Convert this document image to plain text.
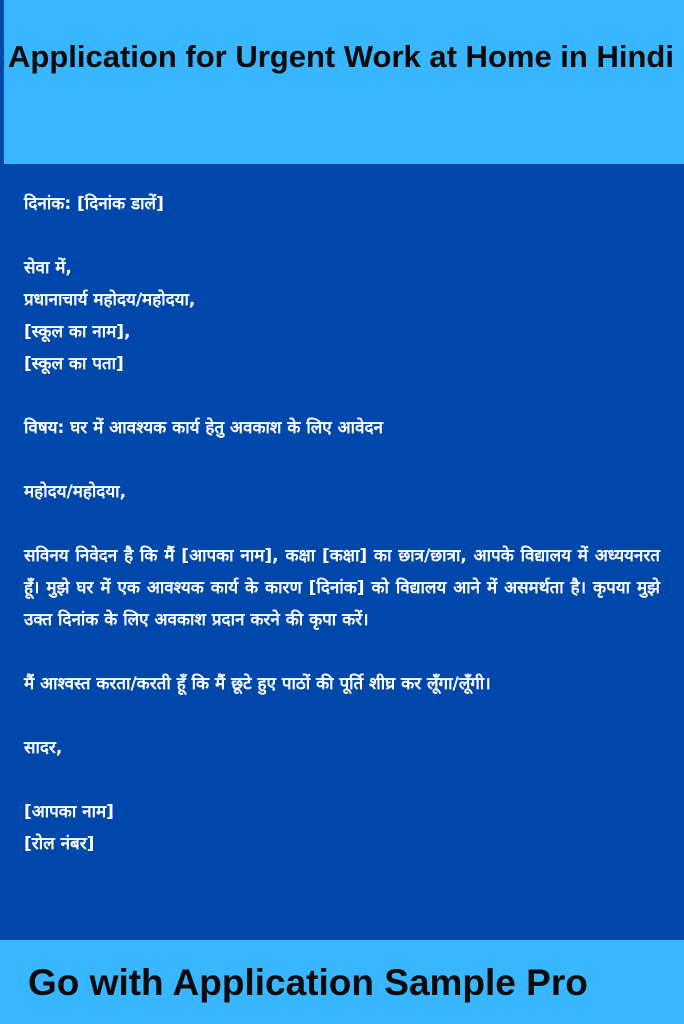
Application for Urgent Work at Home in Hindi

दिनांक: [दिनांक डालें]

सेवा में,

प्रधानाचार्य महोदय/महोदया,

[स्कूल का नाम],

[स्कूल का पता]

विषय: घर में आवश्यक कार्य हेतु अवकाश के लिए आवेदन

महोदय/महोदया,

सविनय निवेदन है कि मैं [आपका नाम], कक्षा [कक्षा] का छात्र/छात्रा, आपके विद्यालय में अध्ययनरत हूँ। मुझे घर में एक आवश्यक कार्य के कारण [दिनांक] को विद्यालय आने में असमर्थता है। कृपया मुझे उक्त दिनांक के लिए अवकाश प्रदान करने की कृपा करें।

मैं आश्वस्त करता/करती हूँ कि मैं छूटे हुए पाठों की पूर्ति शीघ्र कर लूँगा/लूँगी।

सादर,

[आपका नाम]

[रोल नंबर]

Go with Application Sample Pro
